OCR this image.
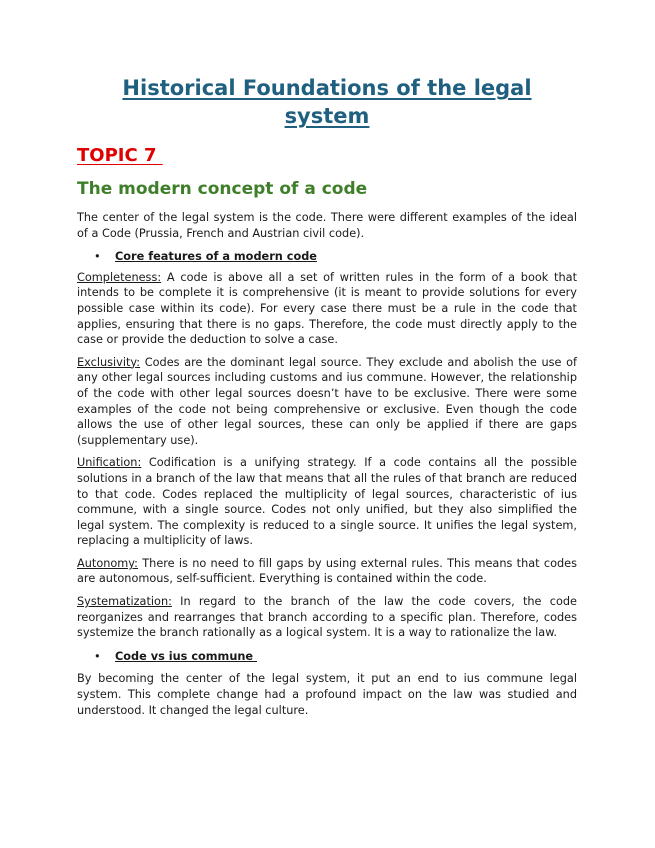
Historical Foundations of the legal system
TOPIC 7
The modern concept of a code

The center of the legal system is the code. There were different examples of the ideal of a Code (Prussia, French and Austrian civil code).

• Core features of a modern code

Completeness: A code is above all a set of written rules in the form of a book that intends to be complete it is comprehensive (it is meant to provide solutions for every possible case within its code). For every case there must be a rule in the code that applies, ensuring that there is no gaps. Therefore, the code must directly apply to the case or provide the deduction to solve a case.

Exclusivity: Codes are the dominant legal source. They exclude and abolish the use of any other legal sources including customs and ius commune. However, the relationship of the code with other legal sources doesn’t have to be exclusive. There were some examples of the code not being comprehensive or exclusive. Even though the code allows the use of other legal sources, these can only be applied if there are gaps (supplementary use).

Unification: Codification is a unifying strategy. If a code contains all the possible solutions in a branch of the law that means that all the rules of that branch are reduced to that code. Codes replaced the multiplicity of legal sources, characteristic of ius commune, with a single source. Codes not only unified, but they also simplified the legal system. The complexity is reduced to a single source. It unifies the legal system, replacing a multiplicity of laws.

Autonomy: There is no need to fill gaps by using external rules. This means that codes are autonomous, self-sufficient. Everything is contained within the code.

Systematization: In regard to the branch of the law the code covers, the code reorganizes and rearranges that branch according to a specific plan. Therefore, codes systemize the branch rationally as a logical system. It is a way to rationalize the law.

• Code vs ius commune

By becoming the center of the legal system, it put an end to ius commune legal system. This complete change had a profound impact on the law was studied and understood. It changed the legal culture.
